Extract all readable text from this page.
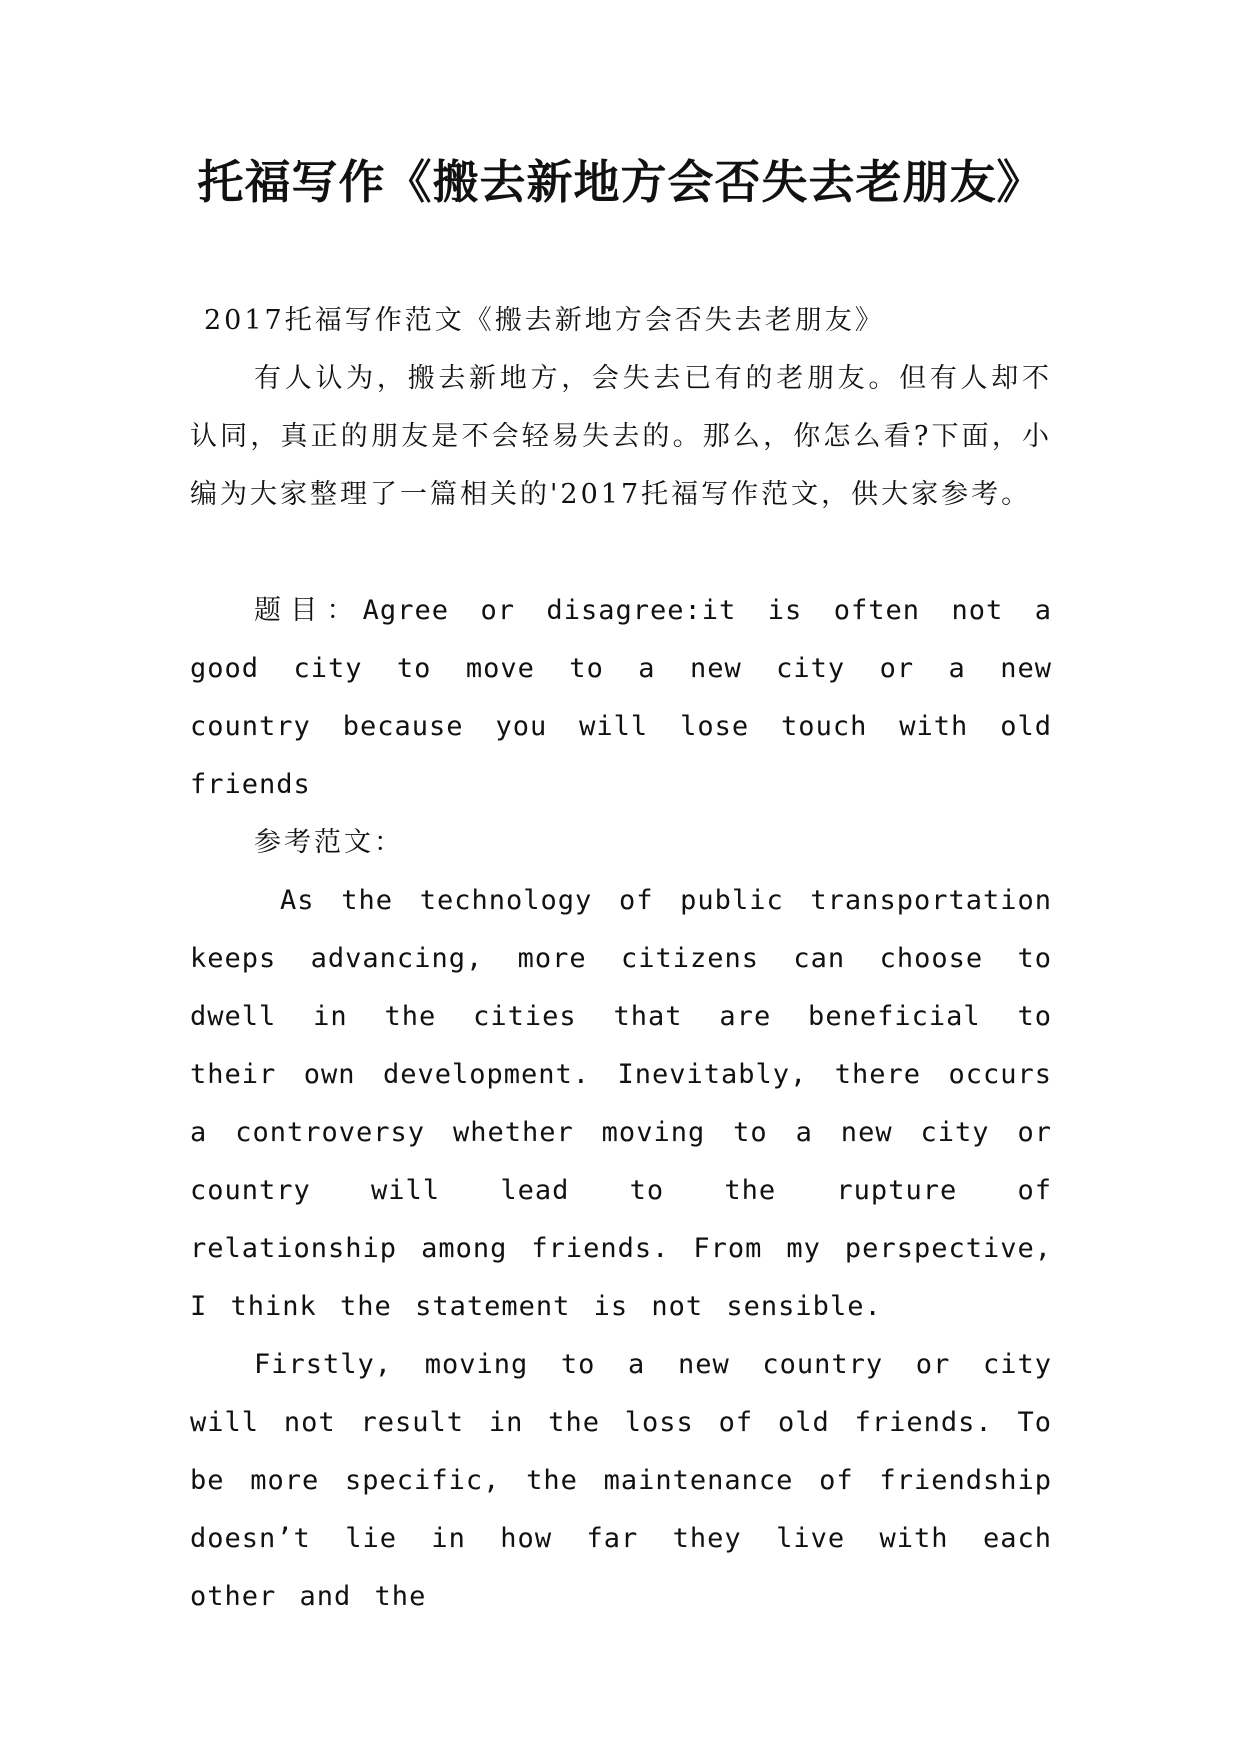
托福写作《搬去新地方会否失去老朋友》

2017托福写作范文《搬去新地方会否失去老朋友》

有人认为，搬去新地方，会失去已有的老朋友。但有人却不认同，真正的朋友是不会轻易失去的。那么，你怎么看?下面，小编为大家整理了一篇相关的'2017托福写作范文，供大家参考。

题目：Agree or disagree:it is often not a good city to move to a new city or a new country because you will lose touch with old friends

参考范文：

As the technology of public transportation keeps advancing, more citizens can choose to dwell in the cities that are beneficial to their own development. Inevitably, there occurs a controversy whether moving to a new city or country will lead to the rupture of relationship among friends. From my perspective, I think the statement is not sensible.

Firstly, moving to a new country or city will not result in the loss of old friends. To be more specific, the maintenance of friendship doesn’t lie in how far they live with each other and the
